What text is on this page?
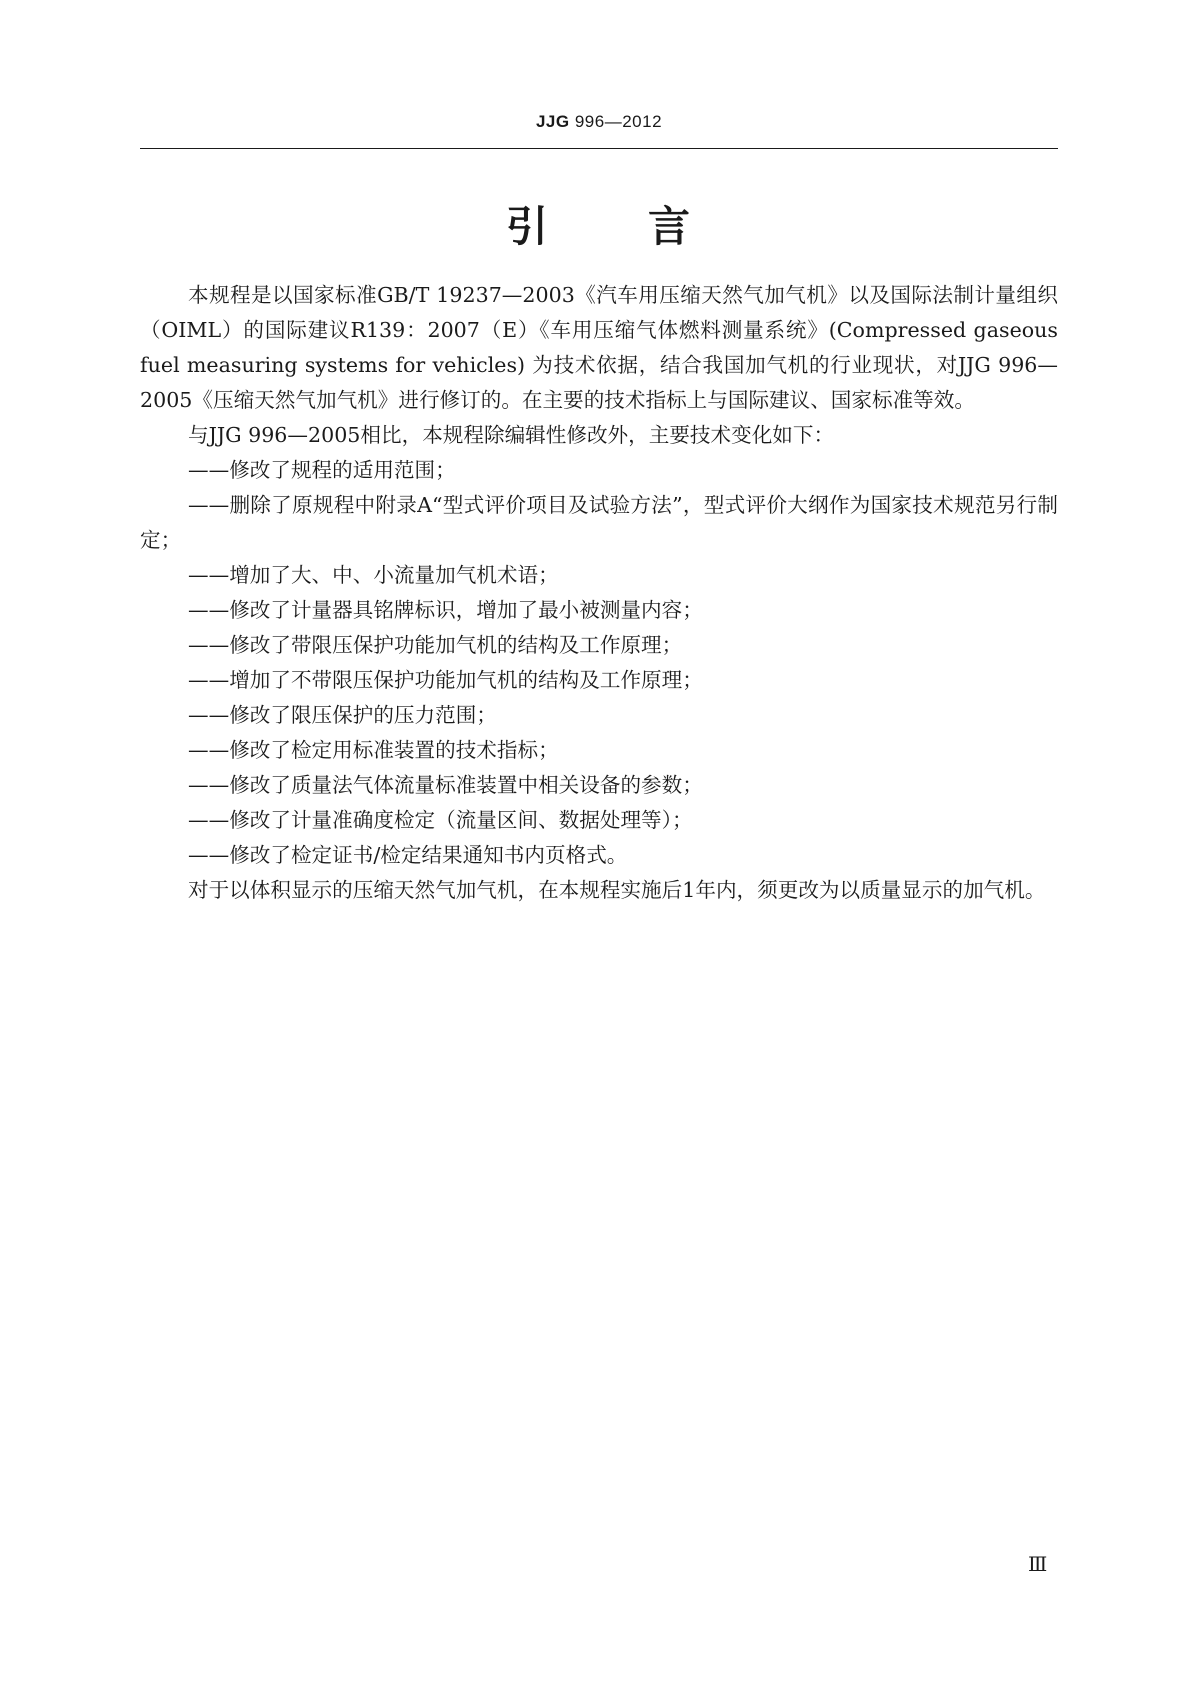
JJG 996—2012
引 言

本规程是以国家标准GB/T 19237—2003《汽车用压缩天然气加气机》以及国际法制计量组织（OIML）的国际建议R139：2007（E）《车用压缩气体燃料测量系统》(Compressed gaseous fuel measuring systems for vehicles) 为技术依据，结合我国加气机的行业现状，对JJG 996—2005《压缩天然气加气机》进行修订的。在主要的技术指标上与国际建议、国家标准等效。

与JJG 996—2005相比，本规程除编辑性修改外，主要技术变化如下：

——修改了规程的适用范围；

——删除了原规程中附录A“型式评价项目及试验方法”，型式评价大纲作为国家技术规范另行制定；

——增加了大、中、小流量加气机术语；

——修改了计量器具铭牌标识，增加了最小被测量内容；

——修改了带限压保护功能加气机的结构及工作原理；

——增加了不带限压保护功能加气机的结构及工作原理；

——修改了限压保护的压力范围；

——修改了检定用标准装置的技术指标；

——修改了质量法气体流量标准装置中相关设备的参数；

——修改了计量准确度检定（流量区间、数据处理等）；

——修改了检定证书/检定结果通知书内页格式。

对于以体积显示的压缩天然气加气机，在本规程实施后1年内，须更改为以质量显示的加气机。

Ⅲ
